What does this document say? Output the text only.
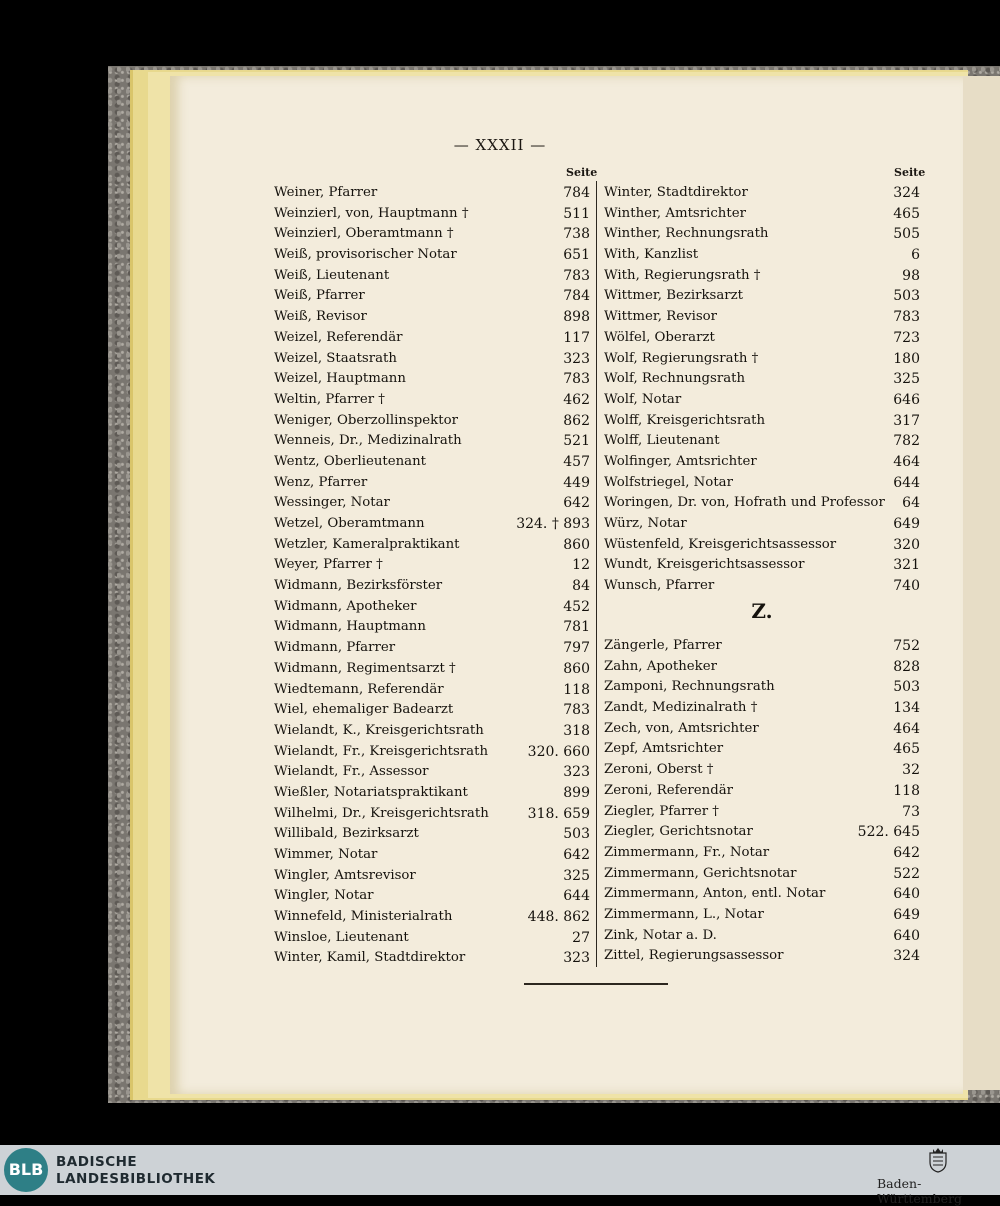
— XXXII —
Seite	Seite
Weiner, Pfarrer	784
Weinzierl, von, Hauptmann †	511
Weinzierl, Oberamtmann †	738
Weiß, provisorischer Notar	651
Weiß, Lieutenant	783
Weiß, Pfarrer	784
Weiß, Revisor	898
Weizel, Referendär	117
Weizel, Staatsrath	323
Weizel, Hauptmann	783
Weltin, Pfarrer †	462
Weniger, Oberzollinspektor	862
Wenneis, Dr., Medizinalrath	521
Wentz, Oberlieutenant	457
Wenz, Pfarrer	449
Wessinger, Notar	642
Wetzel, Oberamtmann	324. † 893
Wetzler, Kameralpraktikant	860
Weyer, Pfarrer †	12
Widmann, Bezirksförster	84
Widmann, Apotheker	452
Widmann, Hauptmann	781
Widmann, Pfarrer	797
Widmann, Regimentsarzt †	860
Wiedtemann, Referendär	118
Wiel, ehemaliger Badearzt	783
Wielandt, K., Kreisgerichtsrath	318
Wielandt, Fr., Kreisgerichtsrath	320. 660
Wielandt, Fr., Assessor	323
Wießler, Notariatspraktikant	899
Wilhelmi, Dr., Kreisgerichtsrath	318. 659
Willibald, Bezirksarzt	503
Wimmer, Notar	642
Wingler, Amtsrevisor	325
Wingler, Notar	644
Winnefeld, Ministerialrath	448. 862
Winsloe, Lieutenant	27
Winter, Kamil, Stadtdirektor	323
Winter, Stadtdirektor	324
Winther, Amtsrichter	465
Winther, Rechnungsrath	505
With, Kanzlist	6
With, Regierungsrath †	98
Wittmer, Bezirksarzt	503
Wittmer, Revisor	783
Wölfel, Oberarzt	723
Wolf, Regierungsrath †	180
Wolf, Rechnungsrath	325
Wolf, Notar	646
Wolff, Kreisgerichtsrath	317
Wolff, Lieutenant	782
Wolfinger, Amtsrichter	464
Wolfstriegel, Notar	644
Woringen, Dr. von, Hofrath und Professor 64
Würz, Notar	649
Wüstenfeld, Kreisgerichtsassessor	320
Wundt, Kreisgerichtsassessor	321
Wunsch, Pfarrer	740
Z.
Zängerle, Pfarrer	752
Zahn, Apotheker	828
Zamponi, Rechnungsrath	503
Zandt, Medizinalrath †	134
Zech, von, Amtsrichter	464
Zepf, Amtsrichter	465
Zeroni, Oberst †	32
Zeroni, Referendär	118
Ziegler, Pfarrer †	73
Ziegler, Gerichtsnotar	522. 645
Zimmermann, Fr., Notar	642
Zimmermann, Gerichtsnotar	522
Zimmermann, Anton, entl. Notar	640
Zimmermann, L., Notar	649
Zink, Notar a. D.	640
Zittel, Regierungsassessor	324
BLB BADISCHE
LANDESBIBLIOTHEK	Baden-Württemberg
